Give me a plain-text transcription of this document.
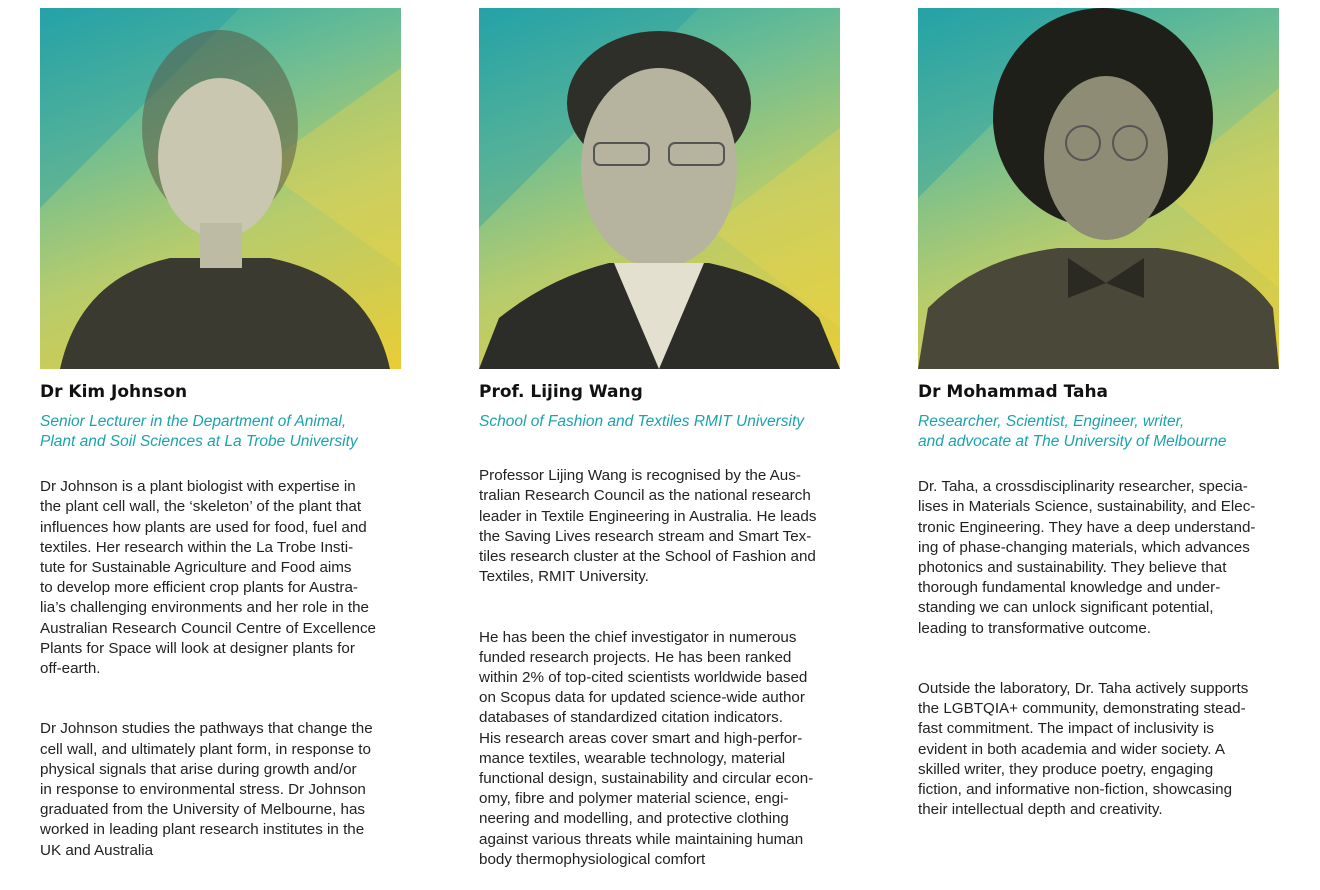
Dr Kim Johnson
Senior Lecturer in the Department of Animal,
Plant and Soil Sciences at La Trobe University

Dr Johnson is a plant biologist with expertise in
the plant cell wall, the ‘skeleton’ of the plant that
influences how plants are used for food, fuel and
textiles. Her research within the La Trobe Insti-
tute for Sustainable Agriculture and Food aims
to develop more efficient crop plants for Austra-
lia’s challenging environments and her role in the
Australian Research Council Centre of Excellence
Plants for Space will look at designer plants for
off-earth.

Dr Johnson studies the pathways that change the
cell wall, and ultimately plant form, in response to
physical signals that arise during growth and/or
in response to environmental stress. Dr Johnson
graduated from the University of Melbourne, has
worked in leading plant research institutes in the
UK and Australia

Prof. Lijing Wang
School of Fashion and Textiles RMIT University

Professor Lijing Wang is recognised by the Aus-
tralian Research Council as the national research
leader in Textile Engineering in Australia. He leads
the Saving Lives research stream and Smart Tex-
tiles research cluster at the School of Fashion and
Textiles, RMIT University.

He has been the chief investigator in numerous
funded research projects. He has been ranked
within 2% of top-cited scientists worldwide based
on Scopus data for updated science-wide author
databases of standardized citation indicators.
His research areas cover smart and high-perfor-
mance textiles, wearable technology, material
functional design, sustainability and circular econ-
omy, fibre and polymer material science, engi-
neering and modelling, and protective clothing
against various threats while maintaining human
body thermophysiological comfort

Dr Mohammad Taha
Researcher, Scientist, Engineer, writer,
and advocate at The University of Melbourne

Dr. Taha, a crossdisciplinarity researcher, specia-
lises in Materials Science, sustainability, and Elec-
tronic Engineering. They have a deep understand-
ing of phase-changing materials, which advances
photonics and sustainability. They believe that
thorough fundamental knowledge and under-
standing we can unlock significant potential,
leading to transformative outcome.

Outside the laboratory, Dr. Taha actively supports
the LGBTQIA+ community, demonstrating stead-
fast commitment. The impact of inclusivity is
evident in both academia and wider society. A
skilled writer, they produce poetry, engaging
fiction, and informative non-fiction, showcasing
their intellectual depth and creativity.
